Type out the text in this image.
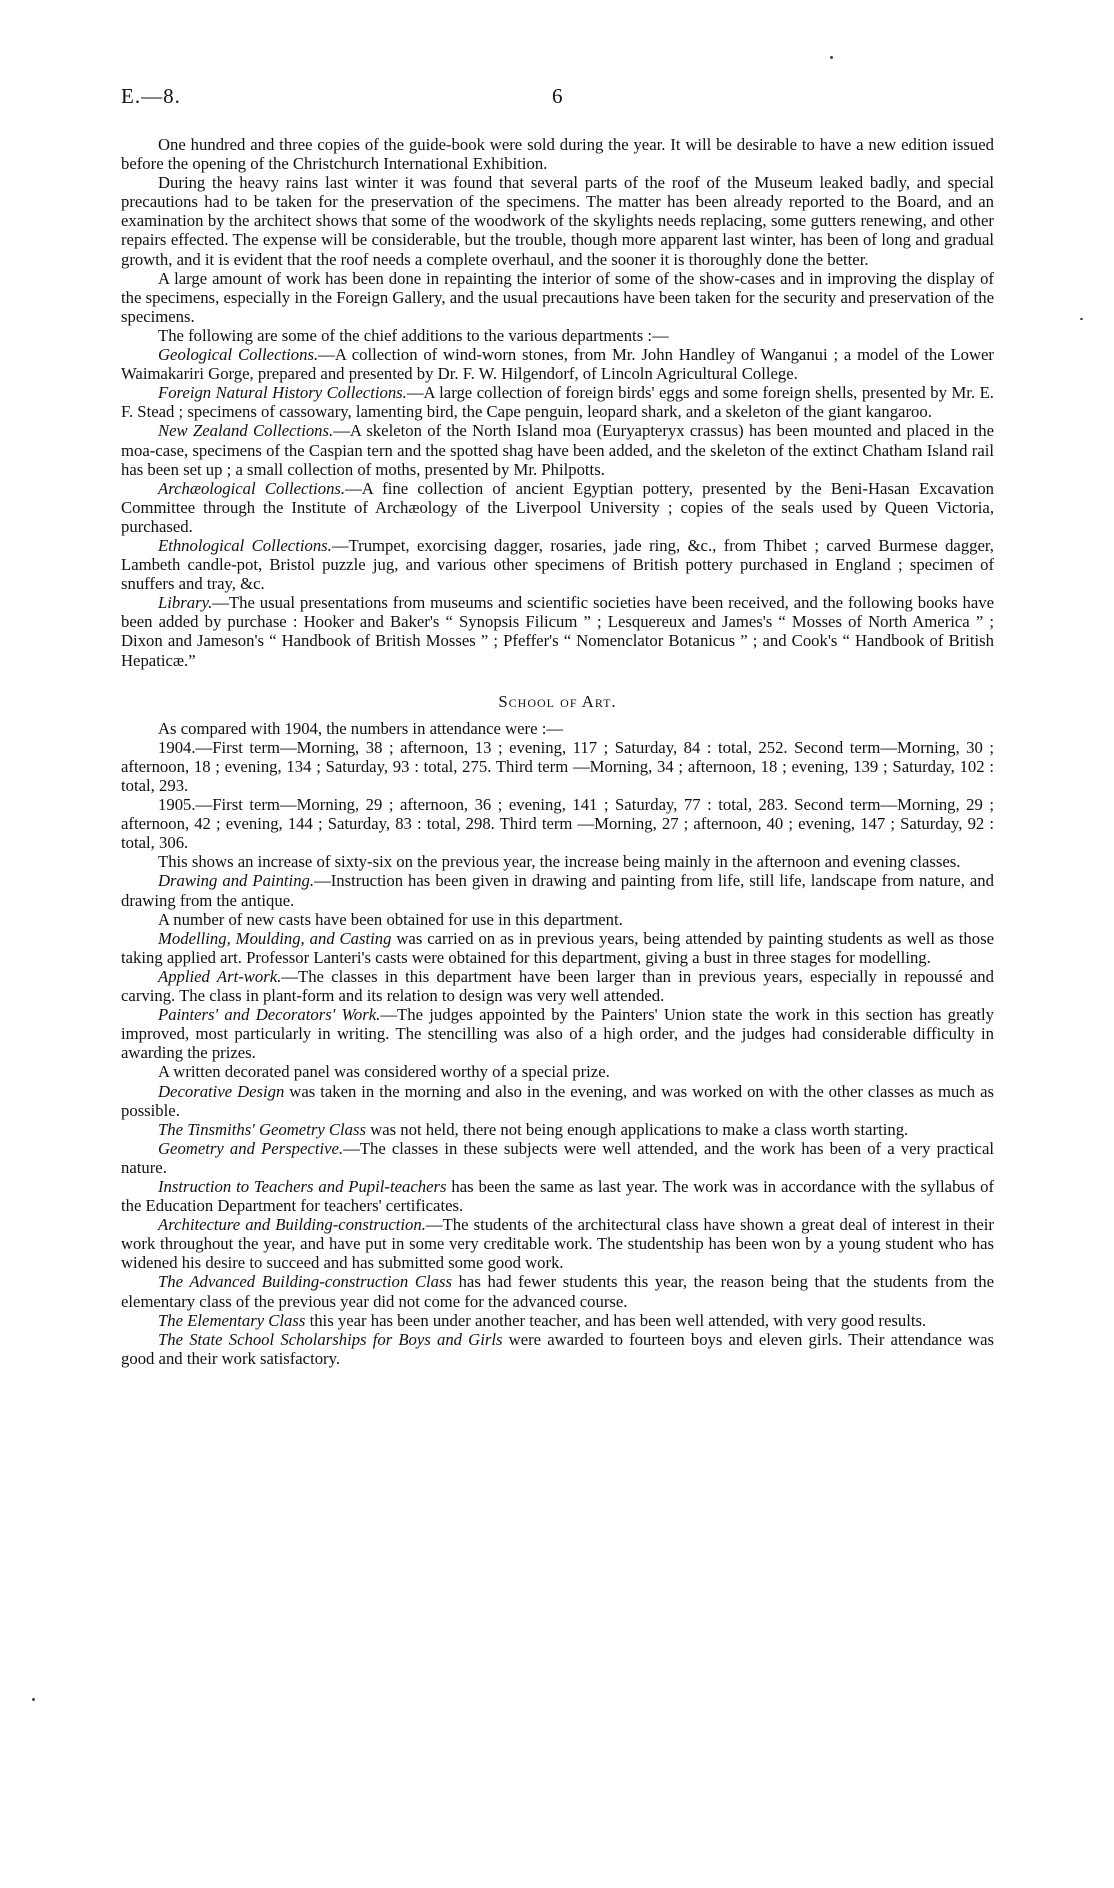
E.—8.	6

One hundred and three copies of the guide-book were sold during the year. It will be desirable to have a new edition issued before the opening of the Christchurch International Exhibition.

During the heavy rains last winter it was found that several parts of the roof of the Museum leaked badly, and special precautions had to be taken for the preservation of the specimens. The matter has been already reported to the Board, and an examination by the architect shows that some of the woodwork of the skylights needs replacing, some gutters renewing, and other repairs effected. The expense will be considerable, but the trouble, though more apparent last winter, has been of long and gradual growth, and it is evident that the roof needs a complete overhaul, and the sooner it is thoroughly done the better.

A large amount of work has been done in repainting the interior of some of the show-cases and in improving the display of the specimens, especially in the Foreign Gallery, and the usual precautions have been taken for the security and preservation of the specimens.

The following are some of the chief additions to the various departments :—

Geological Collections.—A collection of wind-worn stones, from Mr. John Handley of Wanganui ; a model of the Lower Waimakariri Gorge, prepared and presented by Dr. F. W. Hilgendorf, of Lincoln Agricultural College.

Foreign Natural History Collections.—A large collection of foreign birds' eggs and some foreign shells, presented by Mr. E. F. Stead ; specimens of cassowary, lamenting bird, the Cape penguin, leopard shark, and a skeleton of the giant kangaroo.

New Zealand Collections.—A skeleton of the North Island moa (Euryapteryx crassus) has been mounted and placed in the moa-case, specimens of the Caspian tern and the spotted shag have been added, and the skeleton of the extinct Chatham Island rail has been set up ; a small collection of moths, presented by Mr. Philpotts.

Archæological Collections.—A fine collection of ancient Egyptian pottery, presented by the Beni-Hasan Excavation Committee through the Institute of Archæology of the Liverpool University ; copies of the seals used by Queen Victoria, purchased.

Ethnological Collections.—Trumpet, exorcising dagger, rosaries, jade ring, &c., from Thibet ; carved Burmese dagger, Lambeth candle-pot, Bristol puzzle jug, and various other specimens of British pottery purchased in England ; specimen of snuffers and tray, &c.

Library.—The usual presentations from museums and scientific societies have been received, and the following books have been added by purchase : Hooker and Baker's “ Synopsis Filicum ” ; Lesquereux and James's “ Mosses of North America ” ; Dixon and Jameson's “ Handbook of British Mosses ” ; Pfeffer's “ Nomenclator Botanicus ” ; and Cook's “ Handbook of British Hepaticæ.”

School of Art.

As compared with 1904, the numbers in attendance were :—

1904.—First term—Morning, 38 ; afternoon, 13 ; evening, 117 ; Saturday, 84 : total, 252. Second term—Morning, 30 ; afternoon, 18 ; evening, 134 ; Saturday, 93 : total, 275. Third term —Morning, 34 ; afternoon, 18 ; evening, 139 ; Saturday, 102 : total, 293.

1905.—First term—Morning, 29 ; afternoon, 36 ; evening, 141 ; Saturday, 77 : total, 283. Second term—Morning, 29 ; afternoon, 42 ; evening, 144 ; Saturday, 83 : total, 298. Third term —Morning, 27 ; afternoon, 40 ; evening, 147 ; Saturday, 92 : total, 306.

This shows an increase of sixty-six on the previous year, the increase being mainly in the afternoon and evening classes.

Drawing and Painting.—Instruction has been given in drawing and painting from life, still life, landscape from nature, and drawing from the antique.

A number of new casts have been obtained for use in this department.

Modelling, Moulding, and Casting was carried on as in previous years, being attended by painting students as well as those taking applied art. Professor Lanteri's casts were obtained for this department, giving a bust in three stages for modelling.

Applied Art-work.—The classes in this department have been larger than in previous years, especially in repoussé and carving. The class in plant-form and its relation to design was very well attended.

Painters' and Decorators' Work.—The judges appointed by the Painters' Union state the work in this section has greatly improved, most particularly in writing. The stencilling was also of a high order, and the judges had considerable difficulty in awarding the prizes.

A written decorated panel was considered worthy of a special prize.

Decorative Design was taken in the morning and also in the evening, and was worked on with the other classes as much as possible.

The Tinsmiths' Geometry Class was not held, there not being enough applications to make a class worth starting.

Geometry and Perspective.—The classes in these subjects were well attended, and the work has been of a very practical nature.

Instruction to Teachers and Pupil-teachers has been the same as last year. The work was in accordance with the syllabus of the Education Department for teachers' certificates.

Architecture and Building-construction.—The students of the architectural class have shown a great deal of interest in their work throughout the year, and have put in some very creditable work. The studentship has been won by a young student who has widened his desire to succeed and has submitted some good work.

The Advanced Building-construction Class has had fewer students this year, the reason being that the students from the elementary class of the previous year did not come for the advanced course.

The Elementary Class this year has been under another teacher, and has been well attended, with very good results.

The State School Scholarships for Boys and Girls were awarded to fourteen boys and eleven girls. Their attendance was good and their work satisfactory.
